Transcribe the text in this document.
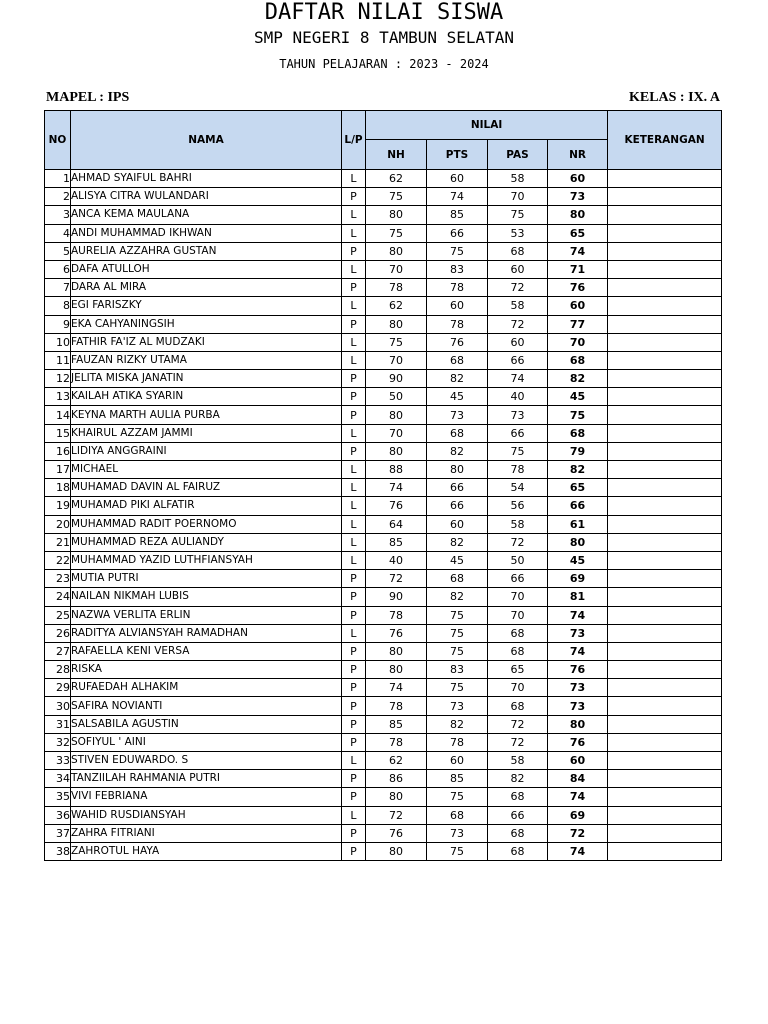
DAFTAR NILAI SISWA
SMP NEGERI 8 TAMBUN SELATAN
TAHUN PELAJARAN : 2023 - 2024
MAPEL : IPS	KELAS : IX. A
NO	NAMA	L/P	NILAI				KETERANGAN
			NH	PTS	PAS	NR	
1	AHMAD SYAIFUL BAHRI	L	62	60	58	60	
2	ALISYA CITRA WULANDARI	P	75	74	70	73	
3	ANCA KEMA MAULANA	L	80	85	75	80	
4	ANDI MUHAMMAD IKHWAN	L	75	66	53	65	
5	AURELIA AZZAHRA GUSTAN	P	80	75	68	74	
6	DAFA ATULLOH	L	70	83	60	71	
7	DARA AL MIRA	P	78	78	72	76	
8	EGI FARISZKY	L	62	60	58	60	
9	EKA CAHYANINGSIH	P	80	78	72	77	
10	FATHIR FA'IZ AL MUDZAKI	L	75	76	60	70	
11	FAUZAN RIZKY UTAMA	L	70	68	66	68	
12	JELITA MISKA JANATIN	P	90	82	74	82	
13	KAILAH ATIKA SYARIN	P	50	45	40	45	
14	KEYNA MARTH AULIA PURBA	P	80	73	73	75	
15	KHAIRUL AZZAM JAMMI	L	70	68	66	68	
16	LIDIYA ANGGRAINI	P	80	82	75	79	
17	MICHAEL	L	88	80	78	82	
18	MUHAMAD DAVIN AL FAIRUZ	L	74	66	54	65	
19	MUHAMAD PIKI ALFATIR	L	76	66	56	66	
20	MUHAMMAD RADIT POERNOMO	L	64	60	58	61	
21	MUHAMMAD REZA AULIANDY	L	85	82	72	80	
22	MUHAMMAD YAZID LUTHFIANSYAH	L	40	45	50	45	
23	MUTIA PUTRI	P	72	68	66	69	
24	NAILAN NIKMAH LUBIS	P	90	82	70	81	
25	NAZWA VERLITA ERLIN	P	78	75	70	74	
26	RADITYA ALVIANSYAH RAMADHAN	L	76	75	68	73	
27	RAFAELLA KENI VERSA	P	80	75	68	74	
28	RISKA	P	80	83	65	76	
29	RUFAEDAH ALHAKIM	P	74	75	70	73	
30	SAFIRA NOVIANTI	P	78	73	68	73	
31	SALSABILA AGUSTIN	P	85	82	72	80	
32	SOFIYUL ' AINI	P	78	78	72	76	
33	STIVEN EDUWARDO. S	L	62	60	58	60	
34	TANZIILAH RAHMANIA PUTRI	P	86	85	82	84	
35	VIVI FEBRIANA	P	80	75	68	74	
36	WAHID RUSDIANSYAH	L	72	68	66	69	
37	ZAHRA FITRIANI	P	76	73	68	72	
38	ZAHROTUL HAYA	P	80	75	68	74	
